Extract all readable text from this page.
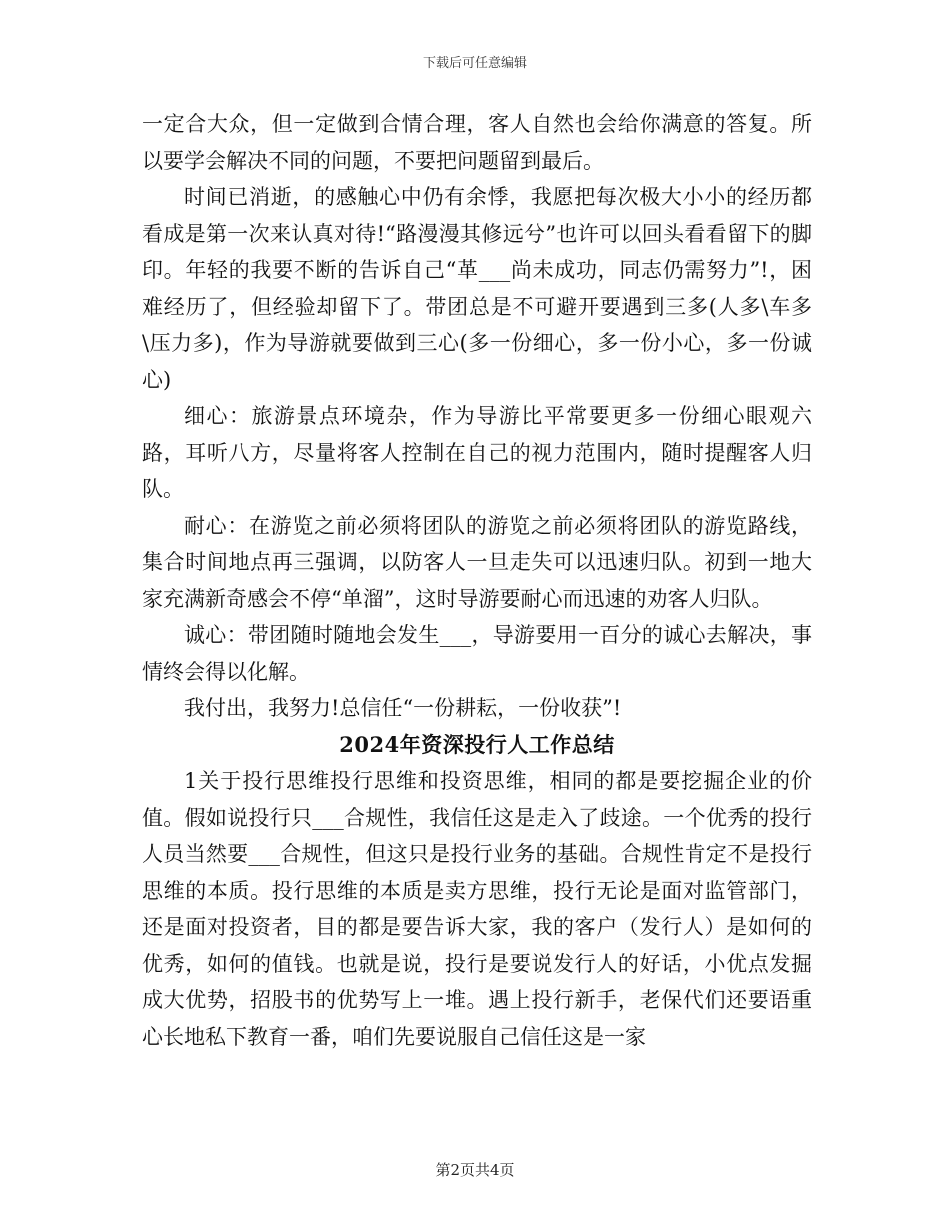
下载后可任意编辑

一定合大众，但一定做到合情合理，客人自然也会给你满意的答复。所以要学会解决不同的问题，不要把问题留到最后。

时间已消逝，的感触心中仍有余悸，我愿把每次极大小小的经历都看成是第一次来认真对待!“路漫漫其修远兮”也许可以回头看看留下的脚印。年轻的我要不断的告诉自己“革___尚未成功，同志仍需努力”!，困难经历了，但经验却留下了。带团总是不可避开要遇到三多(人多\车多\压力多)，作为导游就要做到三心(多一份细心，多一份小心，多一份诚心)

细心：旅游景点环境杂，作为导游比平常要更多一份细心眼观六路，耳听八方，尽量将客人控制在自己的视力范围内，随时提醒客人归队。

耐心：在游览之前必须将团队的游览之前必须将团队的游览路线，集合时间地点再三强调，以防客人一旦走失可以迅速归队。初到一地大家充满新奇感会不停“单溜”，这时导游要耐心而迅速的劝客人归队。

诚心：带团随时随地会发生___，导游要用一百分的诚心去解决，事情终会得以化解。

我付出，我努力!总信任“一份耕耘，一份收获”!

2024年资深投行人工作总结

1关于投行思维投行思维和投资思维，相同的都是要挖掘企业的价值。假如说投行只___合规性，我信任这是走入了歧途。一个优秀的投行人员当然要___合规性，但这只是投行业务的基础。合规性肯定不是投行思维的本质。投行思维的本质是卖方思维，投行无论是面对监管部门，还是面对投资者，目的都是要告诉大家，我的客户（发行人）是如何的优秀，如何的值钱。也就是说，投行是要说发行人的好话，小优点发掘成大优势，招股书的优势写上一堆。遇上投行新手，老保代们还要语重心长地私下教育一番，咱们先要说服自己信任这是一家

第2页共4页
